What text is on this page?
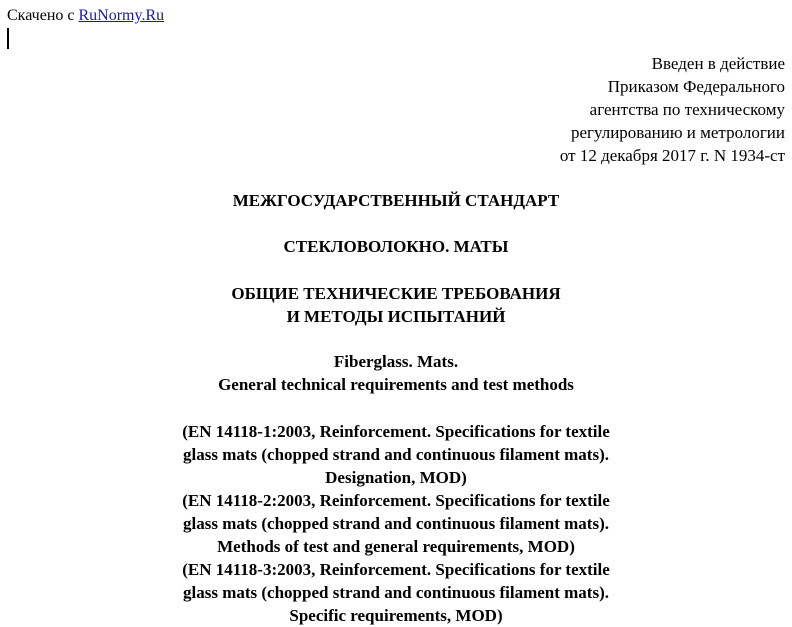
Скачено с RuNormy.Ru
Введен в действие
Приказом Федерального
агентства по техническому
регулированию и метрологии
от 12 декабря 2017 г. N 1934-ст
МЕЖГОСУДАРСТВЕННЫЙ СТАНДАРТ
СТЕКЛОВОЛОКНО. МАТЫ
ОБЩИЕ ТЕХНИЧЕСКИЕ ТРЕБОВАНИЯ
И МЕТОДЫ ИСПЫТАНИЙ
Fiberglass. Mats.
General technical requirements and test methods
(EN 14118-1:2003, Reinforcement. Specifications for textile
glass mats (chopped strand and continuous filament mats).
Designation, MOD)
(EN 14118-2:2003, Reinforcement. Specifications for textile
glass mats (chopped strand and continuous filament mats).
Methods of test and general requirements, MOD)
(EN 14118-3:2003, Reinforcement. Specifications for textile
glass mats (chopped strand and continuous filament mats).
Specific requirements, MOD)
